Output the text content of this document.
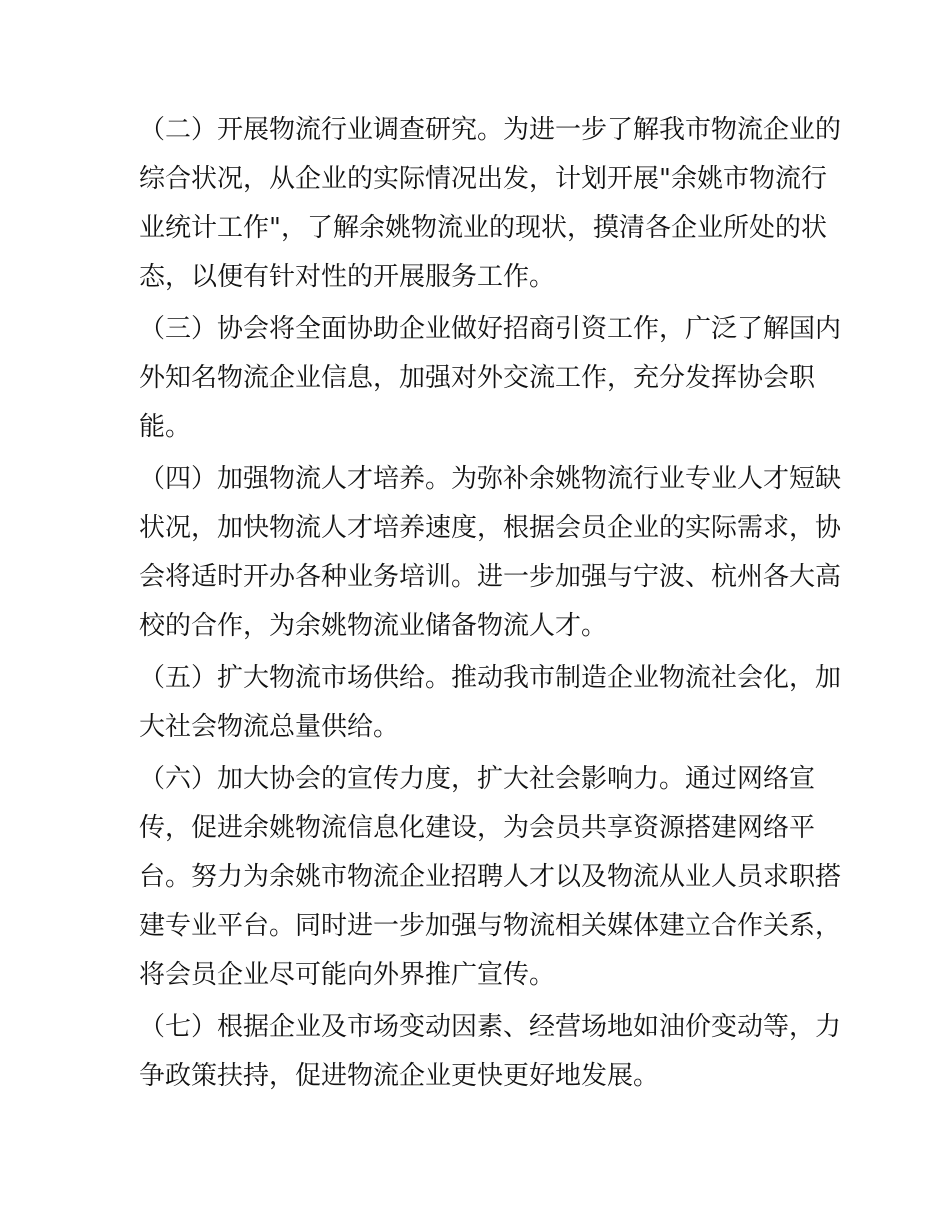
（二）开展物流行业调查研究。为进一步了解我市物流企业的
综合状况，从企业的实际情况出发，计划开展"余姚市物流行
业统计工作"，了解余姚物流业的现状，摸清各企业所处的状
态，以便有针对性的开展服务工作。
（三）协会将全面协助企业做好招商引资工作，广泛了解国内
外知名物流企业信息，加强对外交流工作，充分发挥协会职
能。
（四）加强物流人才培养。为弥补余姚物流行业专业人才短缺
状况，加快物流人才培养速度，根据会员企业的实际需求，协
会将适时开办各种业务培训。进一步加强与宁波、杭州各大高
校的合作，为余姚物流业储备物流人才。
（五）扩大物流市场供给。推动我市制造企业物流社会化，加
大社会物流总量供给。
（六）加大协会的宣传力度，扩大社会影响力。通过网络宣
传，促进余姚物流信息化建设，为会员共享资源搭建网络平
台。努力为余姚市物流企业招聘人才以及物流从业人员求职搭
建专业平台。同时进一步加强与物流相关媒体建立合作关系，
将会员企业尽可能向外界推广宣传。
（七）根据企业及市场变动因素、经营场地如油价变动等，力
争政策扶持，促进物流企业更快更好地发展。
